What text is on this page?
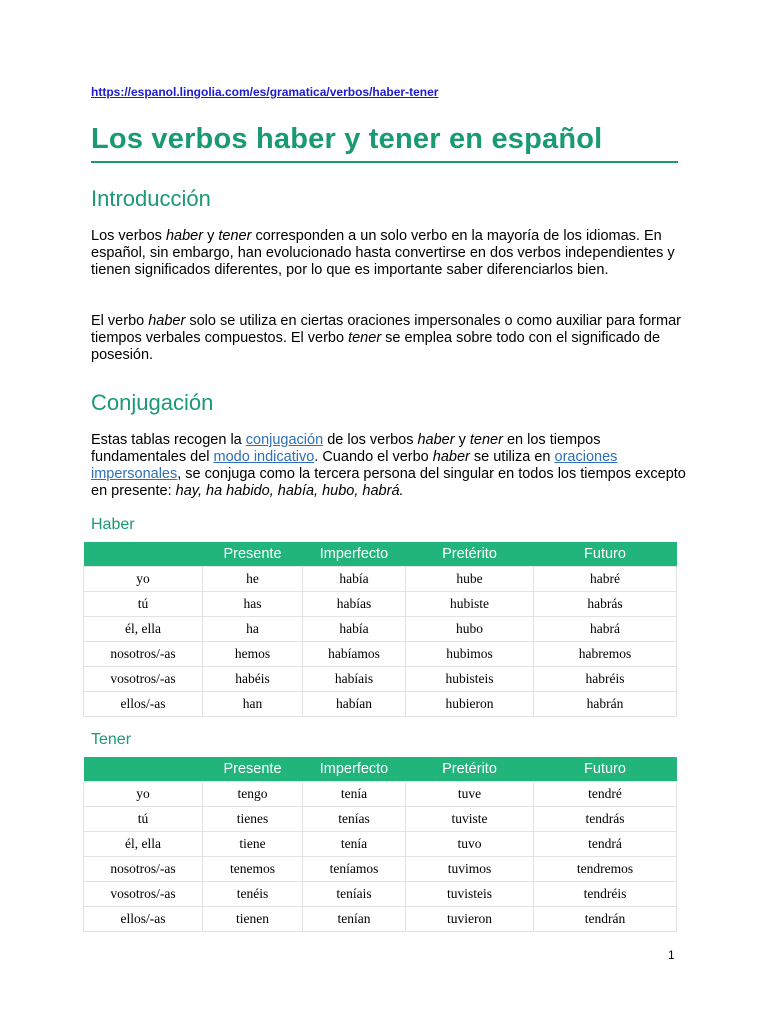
https://espanol.lingolia.com/es/gramatica/verbos/haber-tener
Los verbos haber y tener en español
Introducción
Los verbos haber y tener corresponden a un solo verbo en la mayoría de los idiomas. En español, sin embargo, han evolucionado hasta convertirse en dos verbos independientes y tienen significados diferentes, por lo que es importante saber diferenciarlos bien.
El verbo haber solo se utiliza en ciertas oraciones impersonales o como auxiliar para formar tiempos verbales compuestos. El verbo tener se emplea sobre todo con el significado de posesión.
Conjugación
Estas tablas recogen la conjugación de los verbos haber y tener en los tiempos fundamentales del modo indicativo. Cuando el verbo haber se utiliza en oraciones impersonales, se conjuga como la tercera persona del singular en todos los tiempos excepto en presente: hay, ha habido, había, hubo, habrá.
Haber
	Presente	Imperfecto	Pretérito	Futuro
yo	he	había	hube	habré
tú	has	habías	hubiste	habrás
él, ella	ha	había	hubo	habrá
nosotros/-as	hemos	habíamos	hubimos	habremos
vosotros/-as	habéis	habíais	hubisteis	habréis
ellos/-as	han	habían	hubieron	habrán
Tener
	Presente	Imperfecto	Pretérito	Futuro
yo	tengo	tenía	tuve	tendré
tú	tienes	tenías	tuviste	tendrás
él, ella	tiene	tenía	tuvo	tendrá
nosotros/-as	tenemos	teníamos	tuvimos	tendremos
vosotros/-as	tenéis	teníais	tuvisteis	tendréis
ellos/-as	tienen	tenían	tuvieron	tendrán
1
